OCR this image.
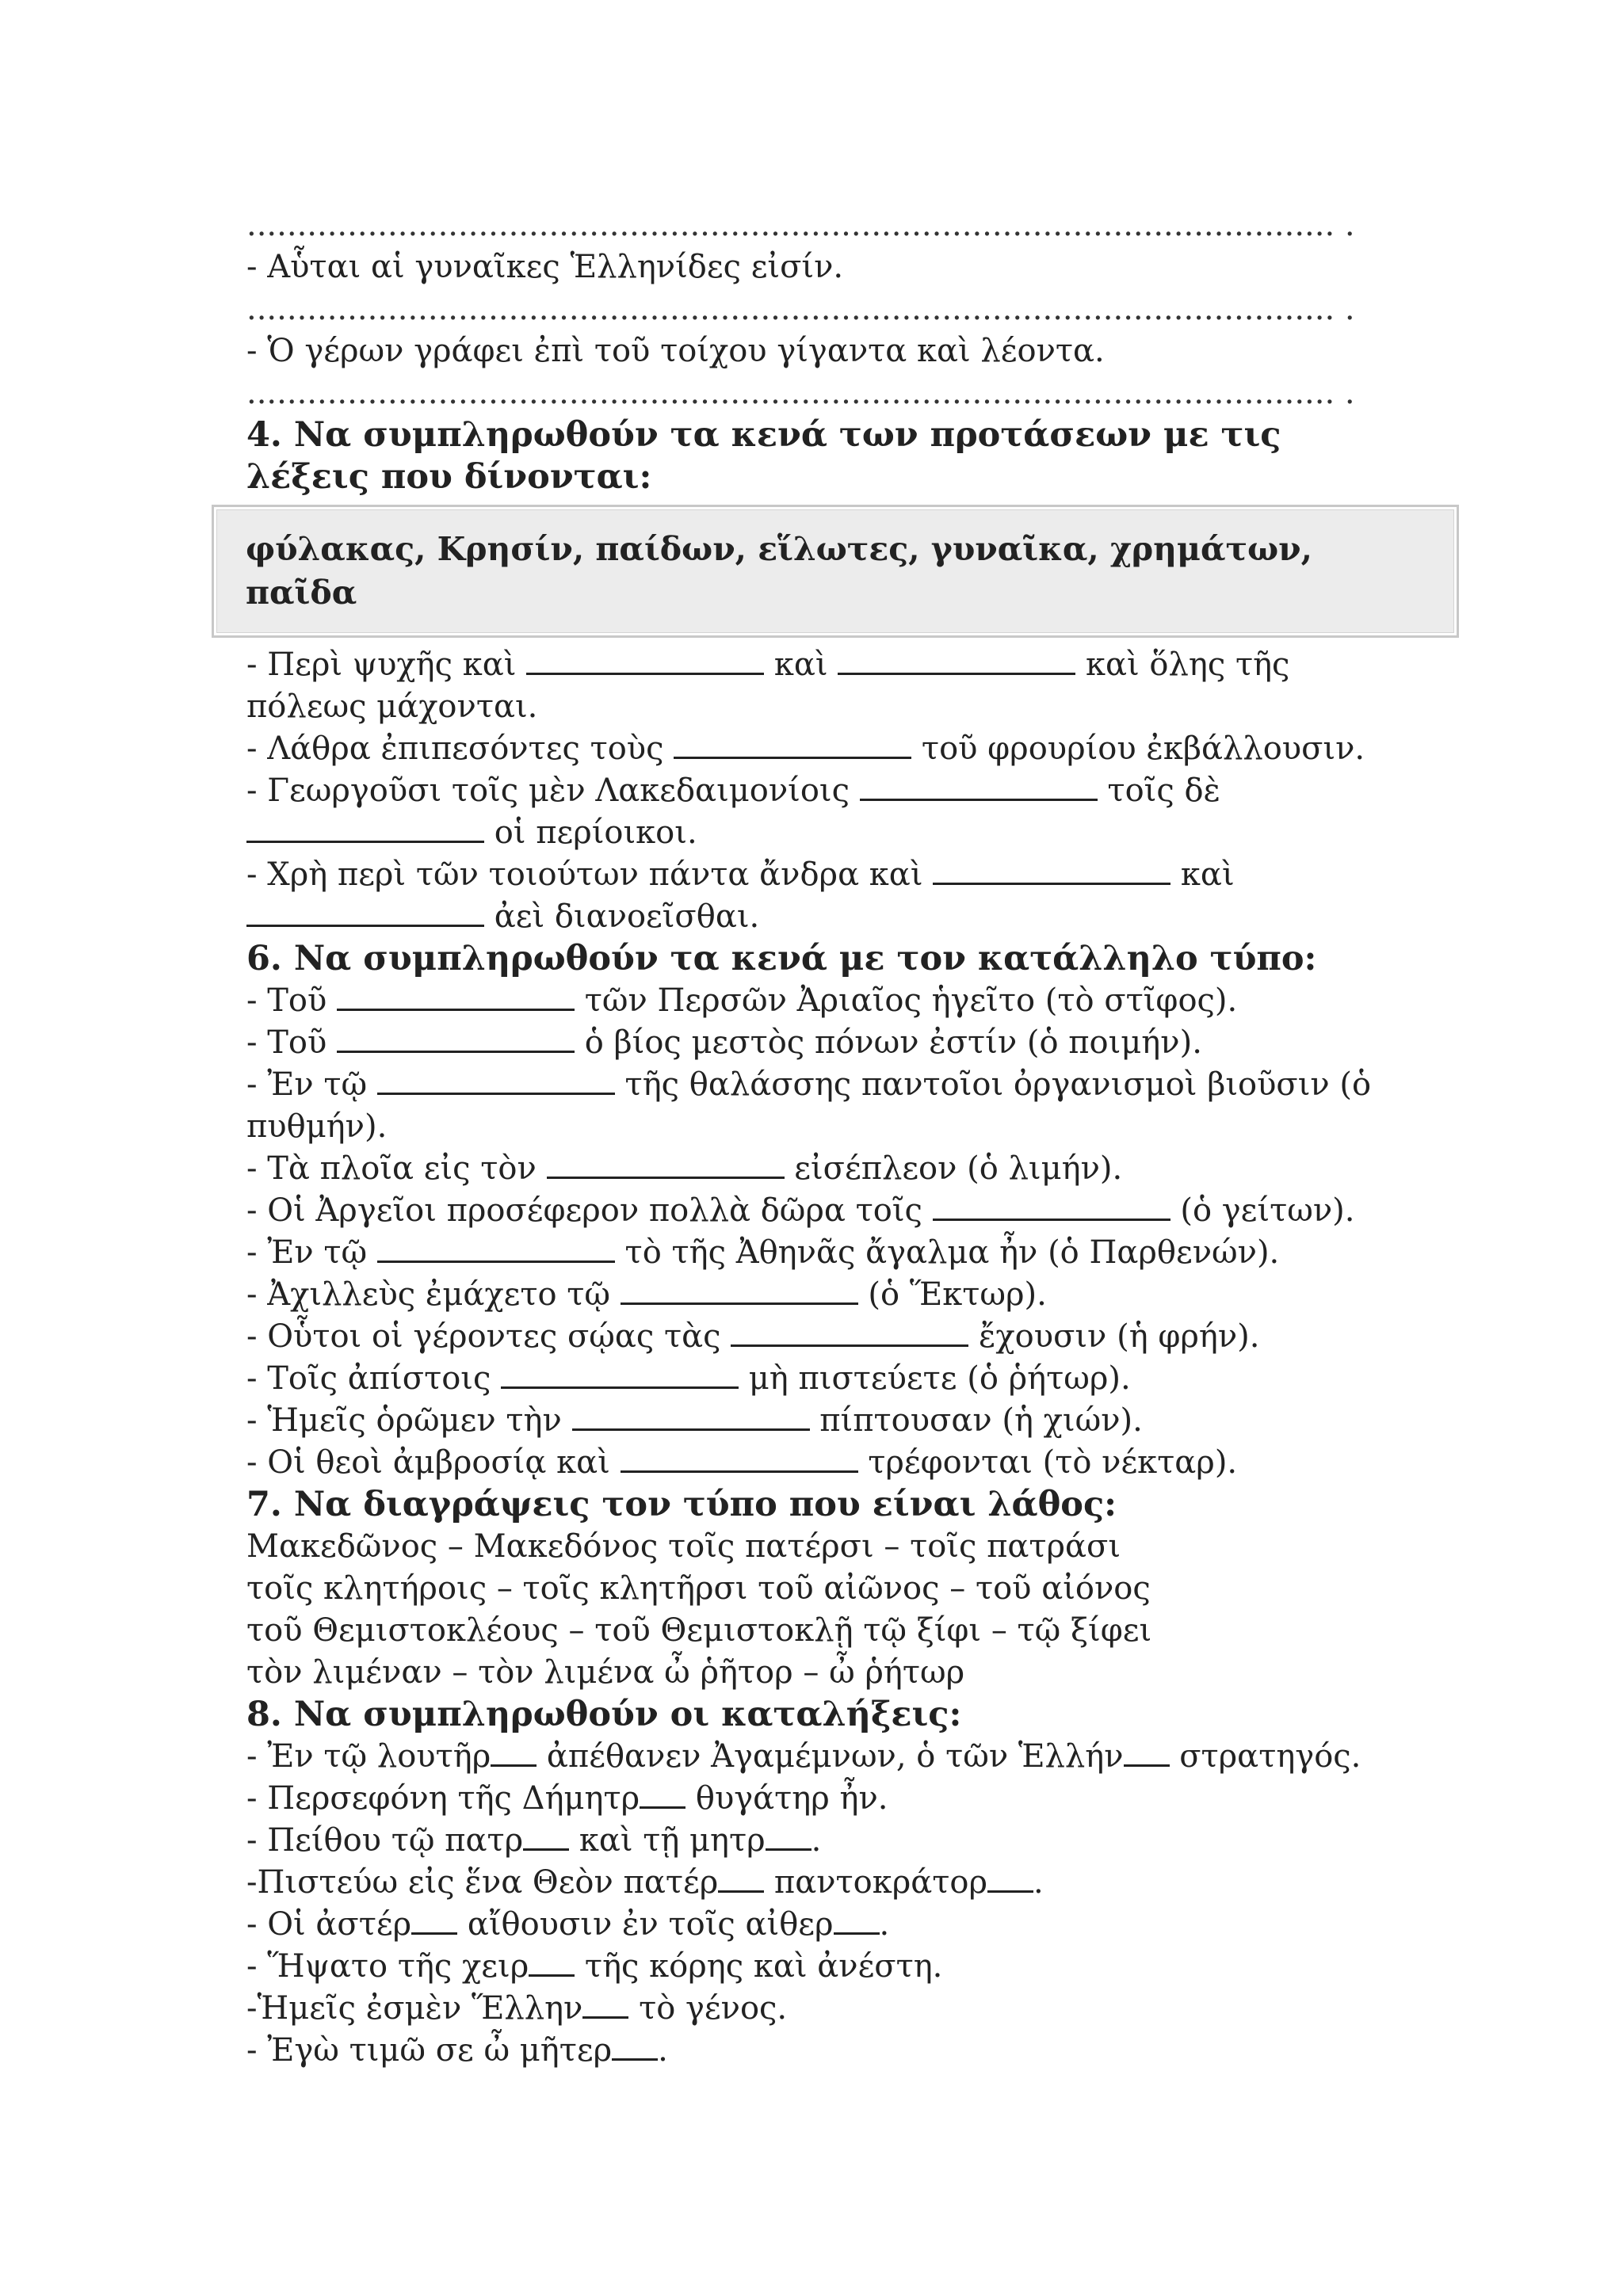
............................................................................................................ .
- Αὗται αἱ γυναῖκες Ἑλληνίδες εἰσίν.
............................................................................................................ .
- Ὁ γέρων γράφει ἐπὶ τοῦ τοίχου γίγαντα καὶ λέοντα.
............................................................................................................ .
4. Να συμπληρωθούν τα κενά των προτάσεων με τις λέξεις που δίνονται:
φύλακας, Κρησίν, παίδων, εἵλωτες, γυναῖκα, χρημάτων, παῖδα
- Περὶ ψυχῆς καὶ	καὶ	καὶ ὅλης τῆς πόλεως μάχονται.
- Λάθρα ἐπιπεσόντες τοὺς	τοῦ φρουρίου ἐκβάλλουσιν.
- Γεωργοῦσι τοῖς μὲν Λακεδαιμονίοις	τοῖς δὲ
οἱ περίοικοι.
- Χρὴ περὶ τῶν τοιούτων πάντα ἄνδρα καὶ	καὶ
ἀεὶ διανοεῖσθαι.
6. Να συμπληρωθούν τα κενά με τον κατάλληλο τύπο:
- Τοῦ	τῶν Περσῶν Ἀριαῖος ἡγεῖτο (τὸ στῖφος).
- Τοῦ	ὁ βίος μεστὸς πόνων ἐστίν (ὁ ποιμήν).
- Ἐν τῷ	τῆς θαλάσσης παντοῖοι ὀργανισμοὶ βιοῦσιν (ὁ πυθμήν).
- Τὰ πλοῖα εἰς τὸν	εἰσέπλεον (ὁ λιμήν).
- Οἱ Ἀργεῖοι προσέφερον πολλὰ δῶρα τοῖς	(ὁ γείτων).
- Ἐν τῷ	τὸ τῆς Ἀθηνᾶς ἄγαλμα ἦν (ὁ Παρθενών).
- Ἀχιλλεὺς ἐμάχετο τῷ	(ὁ Ἕκτωρ).
- Οὗτοι οἱ γέροντες σῴας τὰς	ἔχουσιν (ἡ φρήν).
- Τοῖς ἀπίστοις	μὴ πιστεύετε (ὁ ῥήτωρ).
- Ἡμεῖς ὁρῶμεν τὴν	πίπτουσαν (ἡ χιών).
- Οἱ θεοὶ ἀμβροσίᾳ καὶ	τρέφονται (τὸ νέκταρ).
7. Να διαγράψεις τον τύπο που είναι λάθος:
Μακεδῶνος – Μακεδόνος τοῖς πατέρσι – τοῖς πατράσι
τοῖς κλητήροις – τοῖς κλητῆρσι τοῦ αἰῶνος – τοῦ αἰόνος
τοῦ Θεμιστοκλέους – τοῦ Θεμιστοκλῇ τῷ ξίφι – τῷ ξίφει
τὸν λιμέναν – τὸν λιμένα ὦ ῥῆτορ – ὦ ῥήτωρ
8. Να συμπληρωθούν οι καταλήξεις:
- Ἐν τῷ λουτῆρ ἀπέθανεν Ἀγαμέμνων, ὁ τῶν Ἑλλήν στρατηγός.
- Περσεφόνη τῆς Δήμητρ θυγάτηρ ἦν.
- Πείθου τῷ πατρ καὶ τῇ μητρ .
-Πιστεύω εἰς ἕνα Θεὸν πατέρ παντοκράτορ .
- Οἱ ἀστέρ αἴθουσιν ἐν τοῖς αἰθερ .
- Ἥψατο τῆς χειρ τῆς κόρης καὶ ἀνέστη.
-Ἡμεῖς ἐσμὲν Ἕλλην τὸ γένος.
- Ἐγὼ τιμῶ σε ὦ μῆτερ .
